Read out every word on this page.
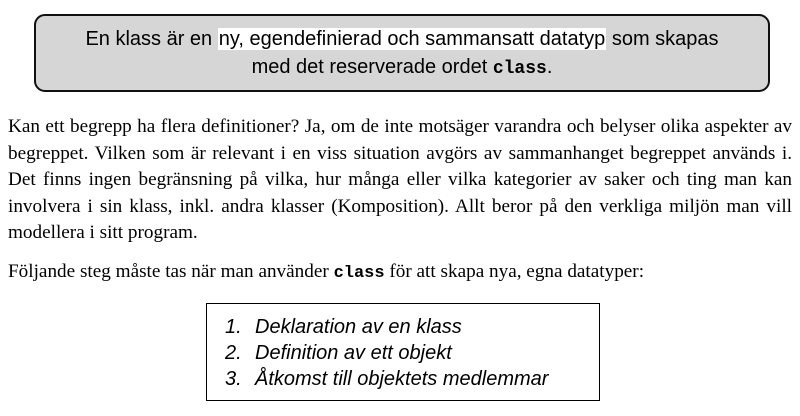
En klass är en ny, egendefinierad och sammansatt datatyp som skapas
med det reserverade ordet class.

Kan ett begrepp ha flera definitioner? Ja, om de inte motsäger varandra och belyser olika aspekter av begreppet. Vilken som är relevant i en viss situation avgörs av sammanhanget begreppet används i. Det finns ingen begränsning på vilka, hur många eller vilka kategorier av saker och ting man kan involvera i sin klass, inkl. andra klasser (Komposition). Allt beror på den verkliga miljön man vill modellera i sitt program.

Följande steg måste tas när man använder class för att skapa nya, egna datatyper:

1. Deklaration av en klass
2. Definition av ett objekt
3. Åtkomst till objektets medlemmar
